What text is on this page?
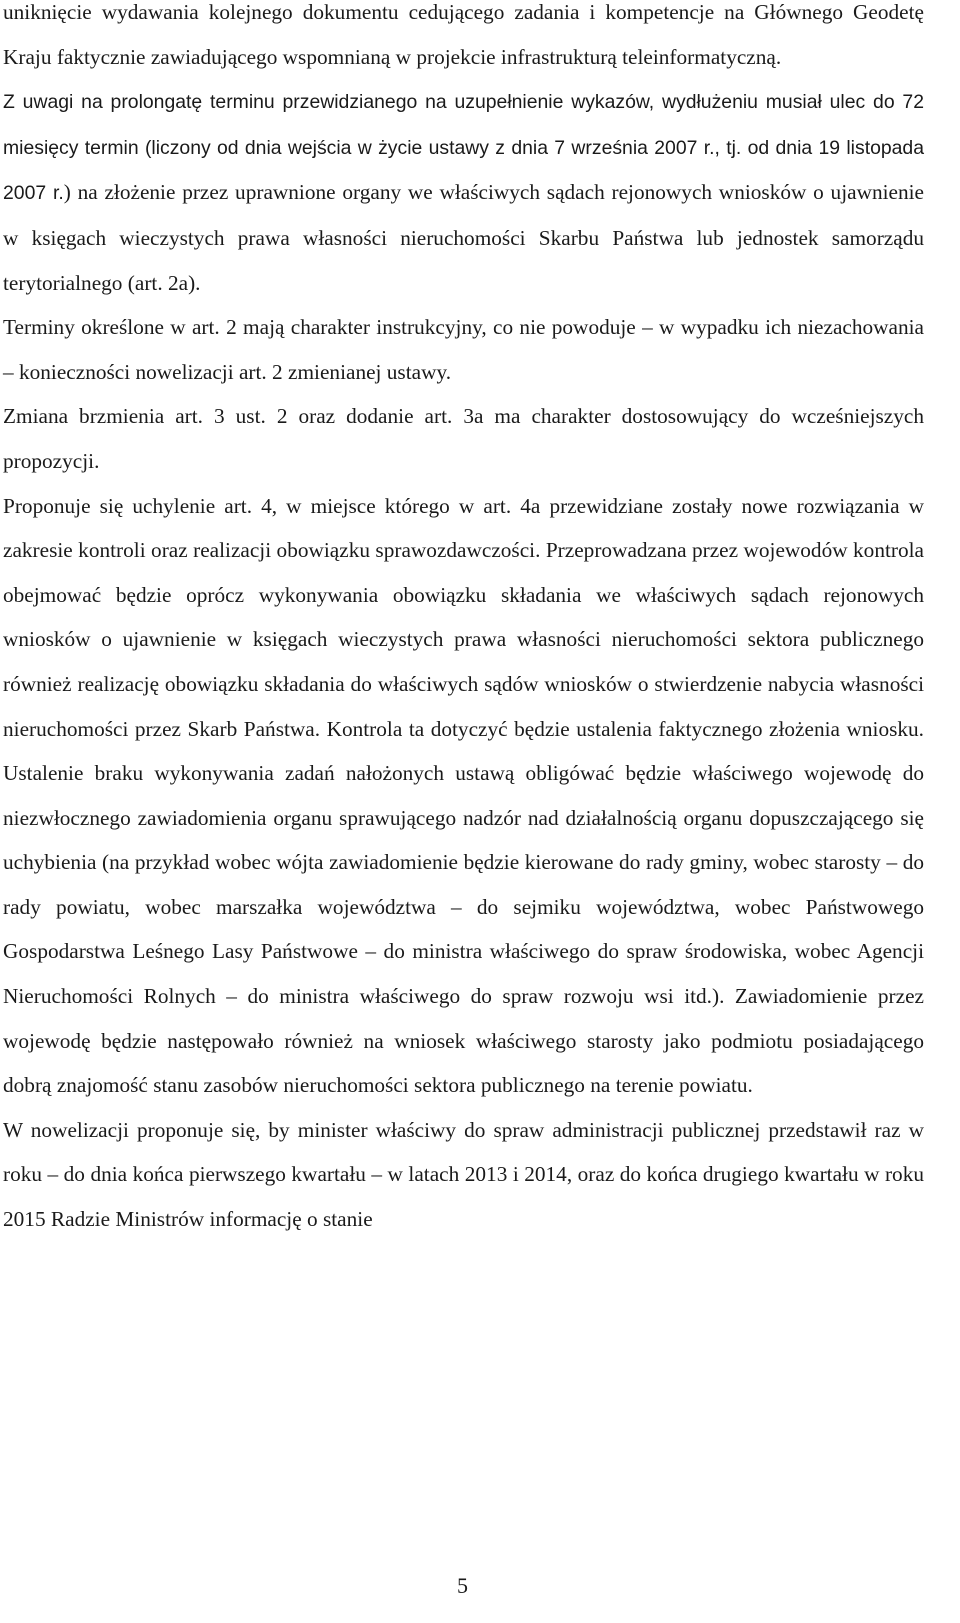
uniknięcie wydawania kolejnego dokumentu cedującego zadania i kompetencje na Głównego Geodetę Kraju faktycznie zawiadującego wspomnianą w projekcie infrastrukturą teleinformatyczną.

Z uwagi na prolongatę terminu przewidzianego na uzupełnienie wykazów, wydłużeniu musiał ulec do 72 miesięcy termin (liczony od dnia wejścia w życie ustawy z dnia 7 września 2007 r., tj. od dnia 19 listopada 2007 r.) na złożenie przez uprawnione organy we właściwych sądach rejonowych wniosków o ujawnienie w księgach wieczystych prawa własności nieruchomości Skarbu Państwa lub jednostek samorządu terytorialnego (art. 2a).

Terminy określone w art. 2 mają charakter instrukcyjny, co nie powoduje – w wypadku ich niezachowania – konieczności nowelizacji art. 2 zmienianej ustawy.

Zmiana brzmienia art. 3 ust. 2 oraz dodanie art. 3a ma charakter dostosowujący do wcześniejszych propozycji.

Proponuje się uchylenie art. 4, w miejsce którego w art. 4a przewidziane zostały nowe rozwiązania w zakresie kontroli oraz realizacji obowiązku sprawozdawczości. Przeprowadzana przez wojewodów kontrola obejmować będzie oprócz wykonywania obowiązku składania we właściwych sądach rejonowych wniosków o ujawnienie w księgach wieczystych prawa własności nieruchomości sektora publicznego również realizację obowiązku składania do właściwych sądów wniosków o stwierdzenie nabycia własności nieruchomości przez Skarb Państwa. Kontrola ta dotyczyć będzie ustalenia faktycznego złożenia wniosku. Ustalenie braku wykonywania zadań nałożonych ustawą obligówać będzie właściwego wojewodę do niezwłocznego zawiadomienia organu sprawującego nadzór nad działalnością organu dopuszczającego się uchybienia (na przykład wobec wójta zawiadomienie będzie kierowane do rady gminy, wobec starosty – do rady powiatu, wobec marszałka województwa – do sejmiku województwa, wobec Państwowego Gospodarstwa Leśnego Lasy Państwowe – do ministra właściwego do spraw środowiska, wobec Agencji Nieruchomości Rolnych – do ministra właściwego do spraw rozwoju wsi itd.). Zawiadomienie przez wojewodę będzie następowało również na wniosek właściwego starosty jako podmiotu posiadającego dobrą znajomość stanu zasobów nieruchomości sektora publicznego na terenie powiatu.

W nowelizacji proponuje się, by minister właściwy do spraw administracji publicznej przedstawił raz w roku – do dnia końca pierwszego kwartału – w latach 2013 i 2014, oraz do końca drugiego kwartału w roku 2015 Radzie Ministrów informację o stanie

5
